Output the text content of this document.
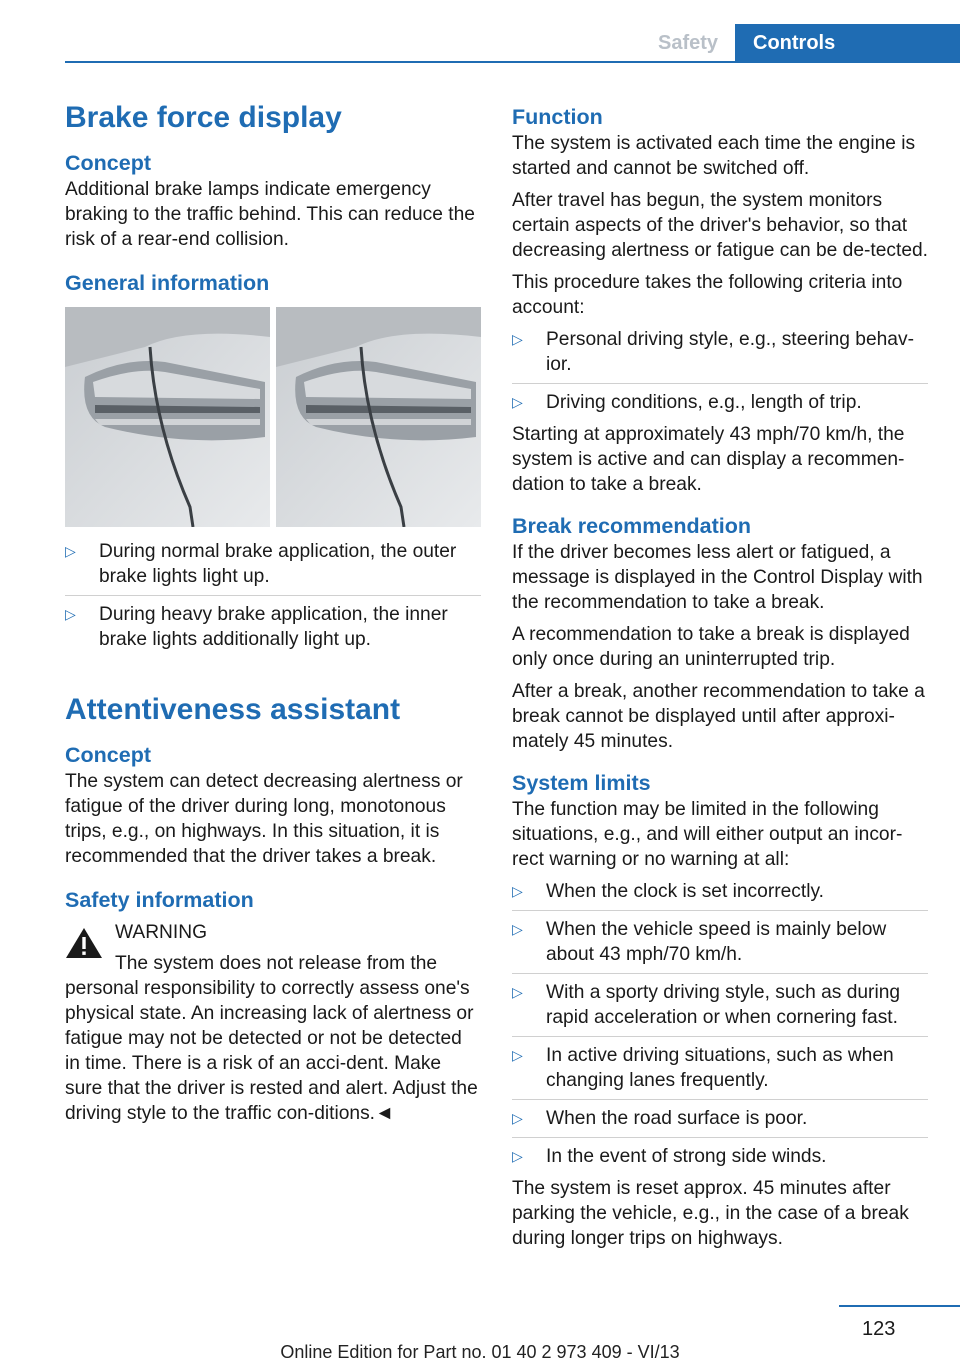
Safety	Controls
Brake force display
Concept

Additional brake lamps indicate emergency braking to the traffic behind. This can reduce the risk of a rear-end collision.

General information
▷ During normal brake application, the outer brake lights light up.
▷ During heavy brake application, the inner brake lights additionally light up.
Attentiveness assistant
Concept

The system can detect decreasing alertness or fatigue of the driver during long, monotonous trips, e.g., on highways. In this situation, it is recommended that the driver takes a break.

Safety information
WARNING
The system does not release from the
personal responsibility to correctly assess one's physical state. An increasing lack of alertness or fatigue may not be detected or not be detected in time. There is a risk of an acci-dent. Make sure that the driver is rested and alert. Adjust the driving style to the traffic con-ditions.◄
Function

The system is activated each time the engine is started and cannot be switched off.

After travel has begun, the system monitors certain aspects of the driver's behavior, so that decreasing alertness or fatigue can be de-tected.

This procedure takes the following criteria into account:

▷ Personal driving style, e.g., steering behav-ior.
▷ Driving conditions, e.g., length of trip.

Starting at approximately 43 mph/70 km/h, the system is active and can display a recommen-dation to take a break.

Break recommendation

If the driver becomes less alert or fatigued, a message is displayed in the Control Display with the recommendation to take a break.

A recommendation to take a break is displayed only once during an uninterrupted trip.

After a break, another recommendation to take a break cannot be displayed until after approxi-mately 45 minutes.

System limits

The function may be limited in the following situations, e.g., and will either output an incor-rect warning or no warning at all:

▷ When the clock is set incorrectly.
▷ When the vehicle speed is mainly below about 43 mph/70 km/h.
▷ With a sporty driving style, such as during rapid acceleration or when cornering fast.
▷ In active driving situations, such as when changing lanes frequently.
▷ When the road surface is poor.
▷ In the event of strong side winds.

The system is reset approx. 45 minutes after parking the vehicle, e.g., in the case of a break during longer trips on highways.

123
Online Edition for Part no. 01 40 2 973 409 - VI/13
